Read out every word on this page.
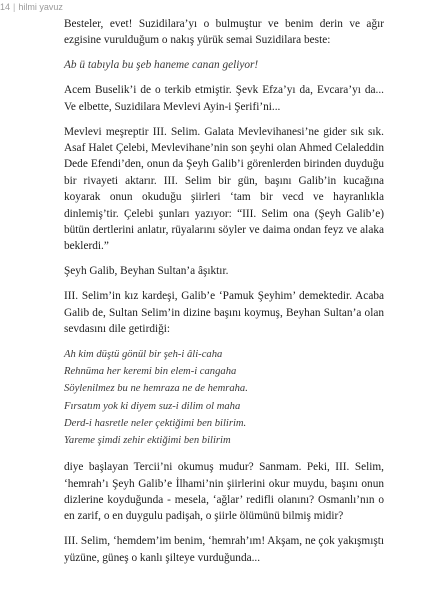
14 | hilmi yavuz

Besteler, evet! Suzidilara’yı o bulmuştur ve benim derin ve ağır ezgisine vurulduğum o nakış yürük semai Suzidilara beste:

Ab ü tabıyla bu şeb haneme canan geliyor!

Acem Buselik’i de o terkib etmiştir. Şevk Efza’yı da, Evcara’yı da... Ve elbette, Suzidilara Mevlevi Ayin-i Şerifi’ni...

Mevlevi meşreptir III. Selim. Galata Mevlevihanesi’ne gider sık sık. Asaf Halet Çelebi, Mevlevihane’nin son şeyhi olan Ahmed Celaleddin Dede Efendi’den, onun da Şeyh Galib’i görenlerden birinden duyduğu bir rivayeti aktarır. III. Selim bir gün, başını Galib’in kucağına koyarak onun okuduğu şiirleri ‘tam bir vecd ve hayranlıkla dinlemiş’tir. Çelebi şunları yazıyor: “III. Selim ona (Şeyh Galib’e) bütün dertlerini anlatır, rüyalarını söyler ve daima ondan feyz ve alaka beklerdi.”

Şeyh Galib, Beyhan Sultan’a âşıktır.

III. Selim’in kız kardeşi, Galib’e ‘Pamuk Şeyhim’ demektedir. Acaba Galib de, Sultan Selim’in dizine başını koymuş, Beyhan Sultan’a olan sevdasını dile getirdiği:

Ah kim düştü gönül bir şeh-i âli-caha
Rehnüma her keremi bin elem-i cangaha
Söylenilmez bu ne hemraza ne de hemraha.
Fırsatım yok ki diyem suz-i dilim ol maha
Derd-i hasretle neler çektiğimi ben bilirim.
Yareme şimdi zehir ektiğimi ben bilirim

diye başlayan Tercii’ni okumuş mudur? Sanmam. Peki, III. Selim, ‘hemrah’ı Şeyh Galib’e İlhami’nin şiirlerini okur muydu, başını onun dizlerine koyduğunda - mesela, ‘ağlar’ redifli olanını? Osmanlı’nın o en zarif, o en duygulu padişah, o şiirle ölümünü bilmiş midir?

III. Selim, ‘hemdem’im benim, ‘hemrah’ım! Akşam, ne çok yakışmıştı yüzüne, güneş o kanlı şilteye vurduğunda...
